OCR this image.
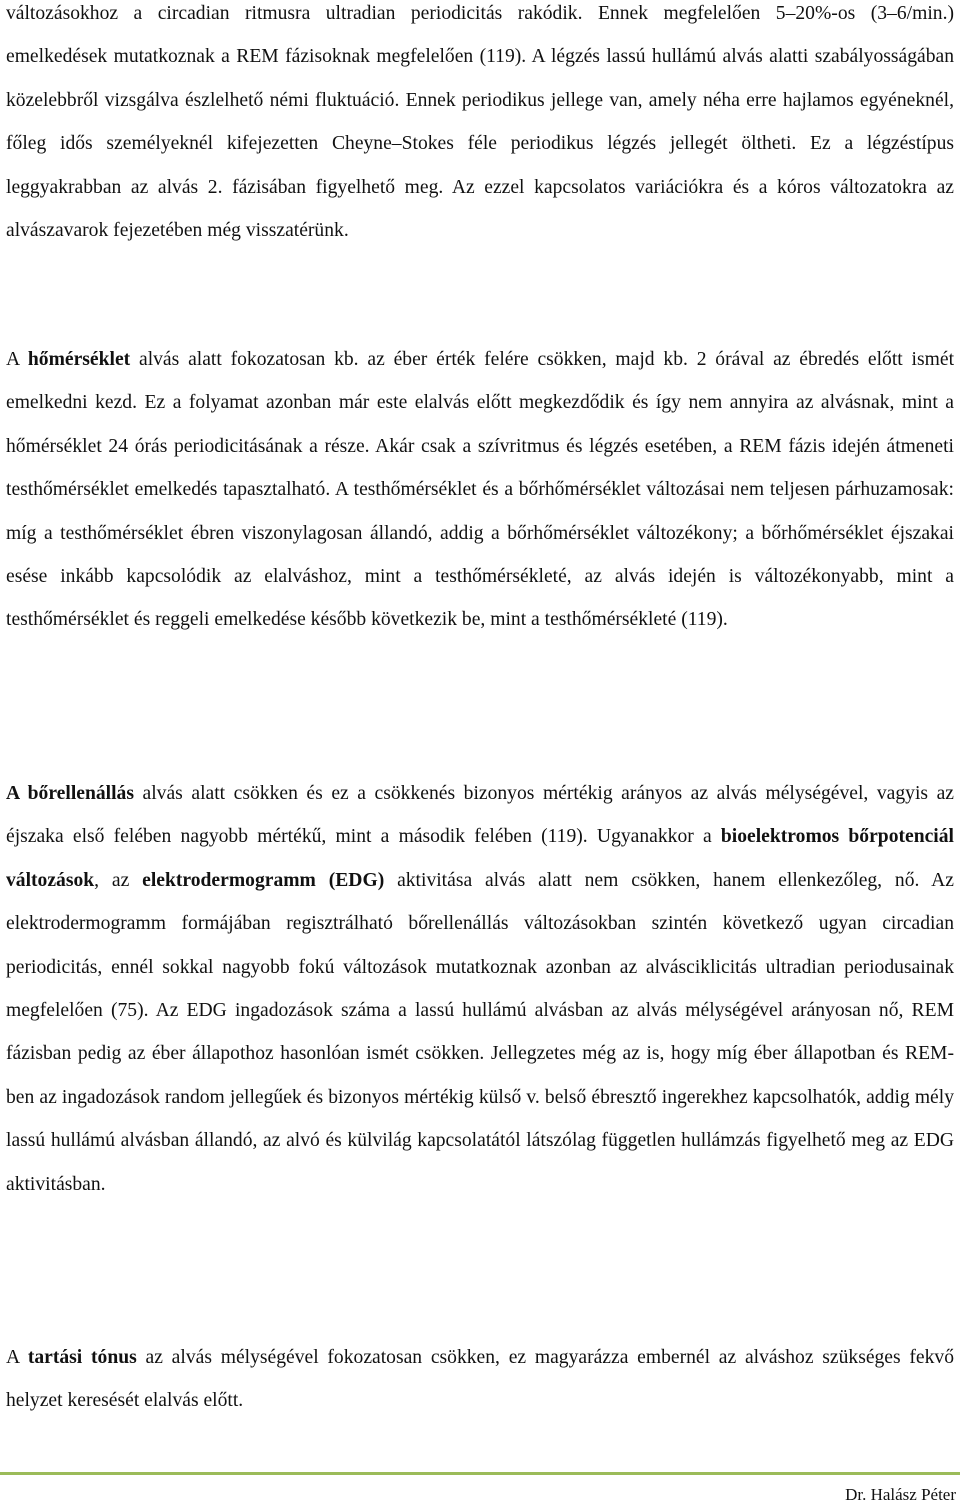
változásokhoz a circadian ritmusra ultradian periodicitás rakódik. Ennek megfelelően 5–20%-os (3–6/min.) emelkedések mutatkoznak a REM fázisoknak megfelelően (119). A légzés lassú hullámú alvás alatti szabályosságában közelebbről vizsgálva észlelhető némi fluktuáció. Ennek periodikus jellege van, amely néha erre hajlamos egyéneknél, főleg idős személyeknél kifejezetten Cheyne–Stokes féle periodikus légzés jellegét öltheti. Ez a légzéstípus leggyakrabban az alvás 2. fázisában figyelhető meg. Az ezzel kapcsolatos variációkra és a kóros változatokra az alvászavarok fejezetében még visszatérünk.

A hőmérséklet alvás alatt fokozatosan kb. az éber érték felére csökken, majd kb. 2 órával az ébredés előtt ismét emelkedni kezd. Ez a folyamat azonban már este elalvás előtt megkezdődik és így nem annyira az alvásnak, mint a hőmérséklet 24 órás periodicitásának a része. Akár csak a szívritmus és légzés esetében, a REM fázis idején átmeneti testhőmérséklet emelkedés tapasztalható. A testhőmérséklet és a bőrhőmérséklet változásai nem teljesen párhuzamosak: míg a testhőmérséklet ébren viszonylagosan állandó, addig a bőrhőmérséklet változékony; a bőrhőmérséklet éjszakai esése inkább kapcsolódik az elalváshoz, mint a testhőmérsékleté, az alvás idején is változékonyabb, mint a testhőmérséklet és reggeli emelkedése később következik be, mint a testhőmérsékleté (119).

A bőrellenállás alvás alatt csökken és ez a csökkenés bizonyos mértékig arányos az alvás mélységével, vagyis az éjszaka első felében nagyobb mértékű, mint a második felében (119). Ugyanakkor a bioelektromos bőrpotenciál változások, az elektrodermogramm (EDG) aktivitása alvás alatt nem csökken, hanem ellenkezőleg, nő. Az elektrodermogramm formájában regisztrálható bőrellenállás változásokban szintén következő ugyan circadian periodicitás, ennél sokkal nagyobb fokú változások mutatkoznak azonban az alvásciklicitás ultradian periodusainak megfelelően (75). Az EDG ingadozások száma a lassú hullámú alvásban az alvás mélységével arányosan nő, REM fázisban pedig az éber állapothoz hasonlóan ismét csökken. Jellegzetes még az is, hogy míg éber állapotban és REM-ben az ingadozások random jellegűek és bizonyos mértékig külső v. belső ébresztő ingerekhez kapcsolhatók, addig mély lassú hullámú alvásban állandó, az alvó és külvilág kapcsolatától látszólag független hullámzás figyelhető meg az EDG aktivitásban.

A tartási tónus az alvás mélységével fokozatosan csökken, ez magyarázza embernél az alváshoz szükséges fekvő helyzet keresését elalvás előtt.

Dr. Halász Péter
